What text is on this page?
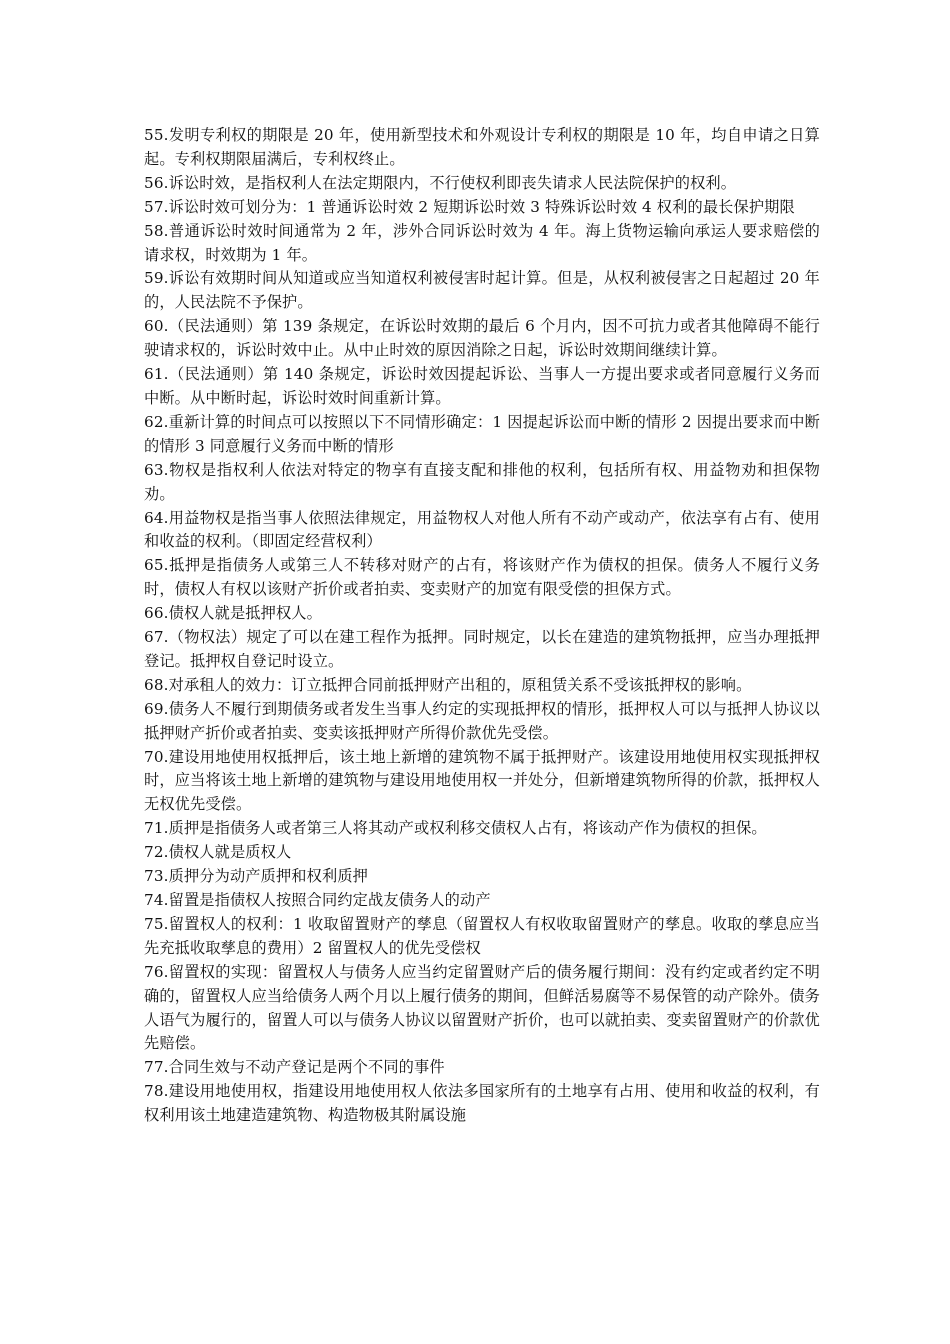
55.发明专利权的期限是 20 年，使用新型技术和外观设计专利权的期限是 10 年，均自申请之日算起。专利权期限届满后，专利权终止。

56.诉讼时效，是指权利人在法定期限内，不行使权利即丧失请求人民法院保护的权利。

57.诉讼时效可划分为：1 普通诉讼时效 2 短期诉讼时效 3 特殊诉讼时效 4 权利的最长保护期限

58.普通诉讼时效时间通常为 2 年，涉外合同诉讼时效为 4 年。海上货物运输向承运人要求赔偿的请求权，时效期为 1 年。

59.诉讼有效期时间从知道或应当知道权利被侵害时起计算。但是，从权利被侵害之日起超过 20 年的，人民法院不予保护。

60.（民法通则）第 139 条规定，在诉讼时效期的最后 6 个月内，因不可抗力或者其他障碍不能行驶请求权的，诉讼时效中止。从中止时效的原因消除之日起，诉讼时效期间继续计算。

61.（民法通则）第 140 条规定，诉讼时效因提起诉讼、当事人一方提出要求或者同意履行义务而中断。从中断时起，诉讼时效时间重新计算。

62.重新计算的时间点可以按照以下不同情形确定：1 因提起诉讼而中断的情形 2 因提出要求而中断的情形 3 同意履行义务而中断的情形

63.物权是指权利人依法对特定的物享有直接支配和排他的权利，包括所有权、用益物劝和担保物劝。

64.用益物权是指当事人依照法律规定，用益物权人对他人所有不动产或动产，依法享有占有、使用和收益的权利。（即固定经营权利）

65.抵押是指债务人或第三人不转移对财产的占有，将该财产作为债权的担保。债务人不履行义务时，债权人有权以该财产折价或者拍卖、变卖财产的加宽有限受偿的担保方式。

66.债权人就是抵押权人。

67.（物权法）规定了可以在建工程作为抵押。同时规定，以长在建造的建筑物抵押，应当办理抵押登记。抵押权自登记时设立。

68.对承租人的效力：订立抵押合同前抵押财产出租的，原租赁关系不受该抵押权的影响。

69.债务人不履行到期债务或者发生当事人约定的实现抵押权的情形，抵押权人可以与抵押人协议以抵押财产折价或者拍卖、变卖该抵押财产所得价款优先受偿。

70.建设用地使用权抵押后，该土地上新增的建筑物不属于抵押财产。该建设用地使用权实现抵押权时，应当将该土地上新增的建筑物与建设用地使用权一并处分，但新增建筑物所得的价款，抵押权人无权优先受偿。

71.质押是指债务人或者第三人将其动产或权利移交债权人占有，将该动产作为债权的担保。

72.债权人就是质权人

73.质押分为动产质押和权利质押

74.留置是指债权人按照合同约定战友债务人的动产

75.留置权人的权利：1 收取留置财产的孳息（留置权人有权收取留置财产的孳息。收取的孳息应当先充抵收取孳息的费用）2 留置权人的优先受偿权

76.留置权的实现：留置权人与债务人应当约定留置财产后的债务履行期间：没有约定或者约定不明确的，留置权人应当给债务人两个月以上履行债务的期间，但鲜活易腐等不易保管的动产除外。债务人语气为履行的，留置人可以与债务人协议以留置财产折价，也可以就拍卖、变卖留置财产的价款优先赔偿。

77.合同生效与不动产登记是两个不同的事件

78.建设用地使用权，指建设用地使用权人依法多国家所有的土地享有占用、使用和收益的权利，有权利用该土地建造建筑物、构造物极其附属设施
